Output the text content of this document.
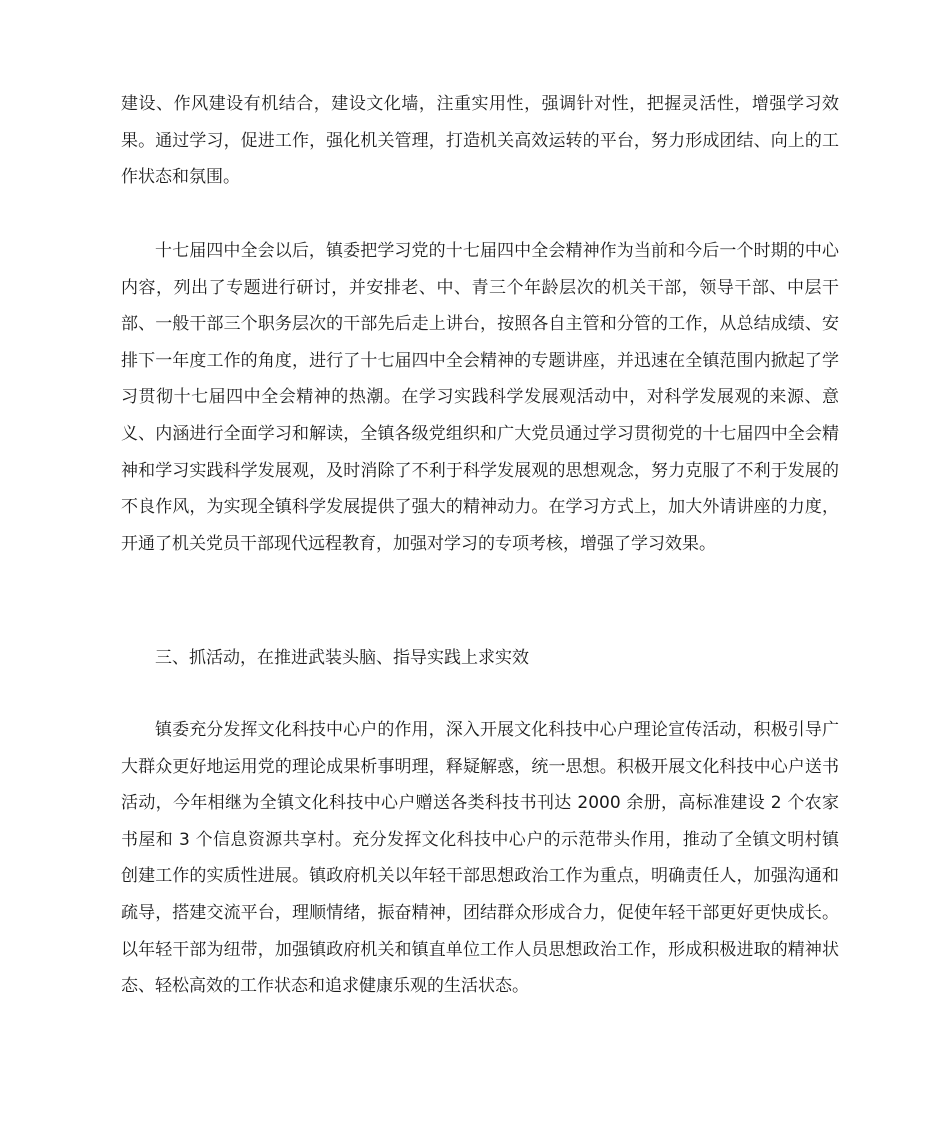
建设、作风建设有机结合，建设文化墙，注重实用性，强调针对性，把握灵活性，增强学习效果。通过学习，促进工作，强化机关管理，打造机关高效运转的平台，努力形成团结、向上的工作状态和氛围。

十七届四中全会以后，镇委把学习党的十七届四中全会精神作为当前和今后一个时期的中心内容，列出了专题进行研讨，并安排老、中、青三个年龄层次的机关干部，领导干部、中层干部、一般干部三个职务层次的干部先后走上讲台，按照各自主管和分管的工作，从总结成绩、安排下一年度工作的角度，进行了十七届四中全会精神的专题讲座，并迅速在全镇范围内掀起了学习贯彻十七届四中全会精神的热潮。在学习实践科学发展观活动中，对科学发展观的来源、意义、内涵进行全面学习和解读，全镇各级党组织和广大党员通过学习贯彻党的十七届四中全会精神和学习实践科学发展观，及时消除了不利于科学发展观的思想观念，努力克服了不利于发展的不良作风，为实现全镇科学发展提供了强大的精神动力。在学习方式上，加大外请讲座的力度，开通了机关党员干部现代远程教育，加强对学习的专项考核，增强了学习效果。

三、抓活动，在推进武装头脑、指导实践上求实效

镇委充分发挥文化科技中心户的作用，深入开展文化科技中心户理论宣传活动，积极引导广大群众更好地运用党的理论成果析事明理，释疑解惑，统一思想。积极开展文化科技中心户送书活动，今年相继为全镇文化科技中心户赠送各类科技书刊达 2000 余册，高标准建设 2 个农家书屋和 3 个信息资源共享村。充分发挥文化科技中心户的示范带头作用，推动了全镇文明村镇创建工作的实质性进展。镇政府机关以年轻干部思想政治工作为重点，明确责任人，加强沟通和疏导，搭建交流平台，理顺情绪，振奋精神，团结群众形成合力，促使年轻干部更好更快成长。以年轻干部为纽带，加强镇政府机关和镇直单位工作人员思想政治工作，形成积极进取的精神状态、轻松高效的工作状态和追求健康乐观的生活状态。
